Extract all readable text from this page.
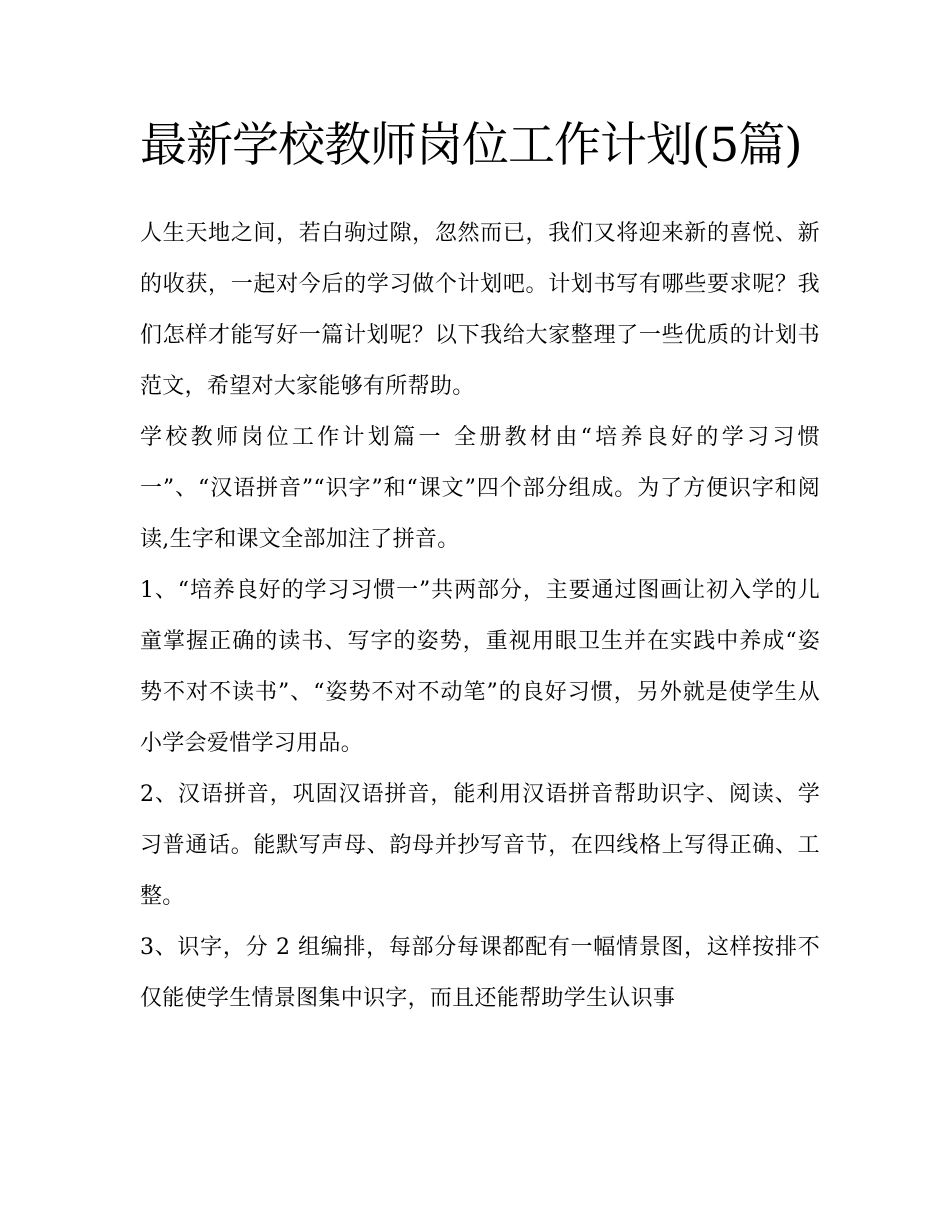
最新学校教师岗位工作计划(5篇)

人生天地之间，若白驹过隙，忽然而已，我们又将迎来新的喜悦、新的收获，一起对今后的学习做个计划吧。计划书写有哪些要求呢？我们怎样才能写好一篇计划呢？以下我给大家整理了一些优质的计划书范文，希望对大家能够有所帮助。

学校教师岗位工作计划篇一 全册教材由“培养良好的学习习惯一”、“汉语拼音”“识字”和“课文”四个部分组成。为了方便识字和阅读,生字和课文全部加注了拼音。

1、“培养良好的学习习惯一”共两部分，主要通过图画让初入学的儿童掌握正确的读书、写字的姿势，重视用眼卫生并在实践中养成“姿势不对不读书”、“姿势不对不动笔”的良好习惯，另外就是使学生从小学会爱惜学习用品。

2、汉语拼音，巩固汉语拼音，能利用汉语拼音帮助识字、阅读、学习普通话。能默写声母、韵母并抄写音节，在四线格上写得正确、工整。

3、识字，分 2 组编排，每部分每课都配有一幅情景图，这样按排不仅能使学生情景图集中识字，而且还能帮助学生认识事
